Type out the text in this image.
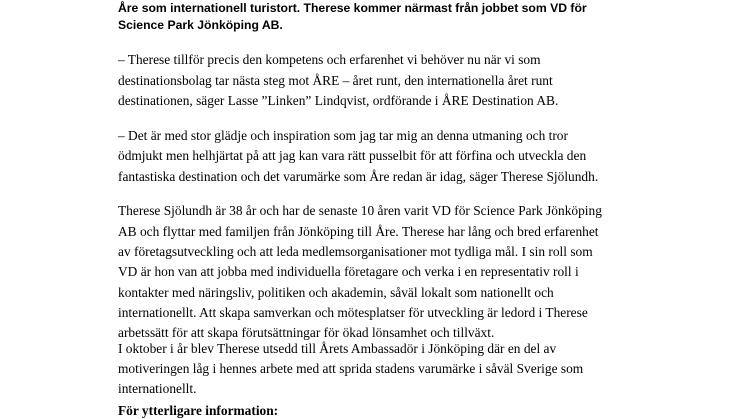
Åre som internationell turistort. Therese kommer närmast från jobbet som VD för
Science Park Jönköping AB.
– Therese tillför precis den kompetens och erfarenhet vi behöver nu när vi som
destinationsbolag tar nästa steg mot ÅRE – året runt, den internationella året runt
destinationen, säger Lasse ”Linken” Lindqvist, ordförande i ÅRE Destination AB.
– Det är med stor glädje och inspiration som jag tar mig an denna utmaning och tror
ödmjukt men helhjärtat på att jag kan vara rätt pusselbit för att förfina och utveckla den
fantastiska destination och det varumärke som Åre redan är idag, säger Therese Sjölundh.
Therese Sjölundh är 38 år och har de senaste 10 åren varit VD för Science Park Jönköping
AB och flyttar med familjen från Jönköping till Åre. Therese har lång och bred erfarenhet
av företagsutveckling och att leda medlemsorganisationer mot tydliga mål. I sin roll som
VD är hon van att jobba med individuella företagare och verka i en representativ roll i
kontakter med näringsliv, politiken och akademin, såväl lokalt som nationellt och
internationellt. Att skapa samverkan och mötesplatser för utveckling är ledord i Therese
arbetssätt för att skapa förutsättningar för ökad lönsamhet och tillväxt.
I oktober i år blev Therese utsedd till Årets Ambassadör i Jönköping där en del av
motiveringen låg i hennes arbete med att sprida stadens varumärke i såväl Sverige som
internationellt.
För ytterligare information:
